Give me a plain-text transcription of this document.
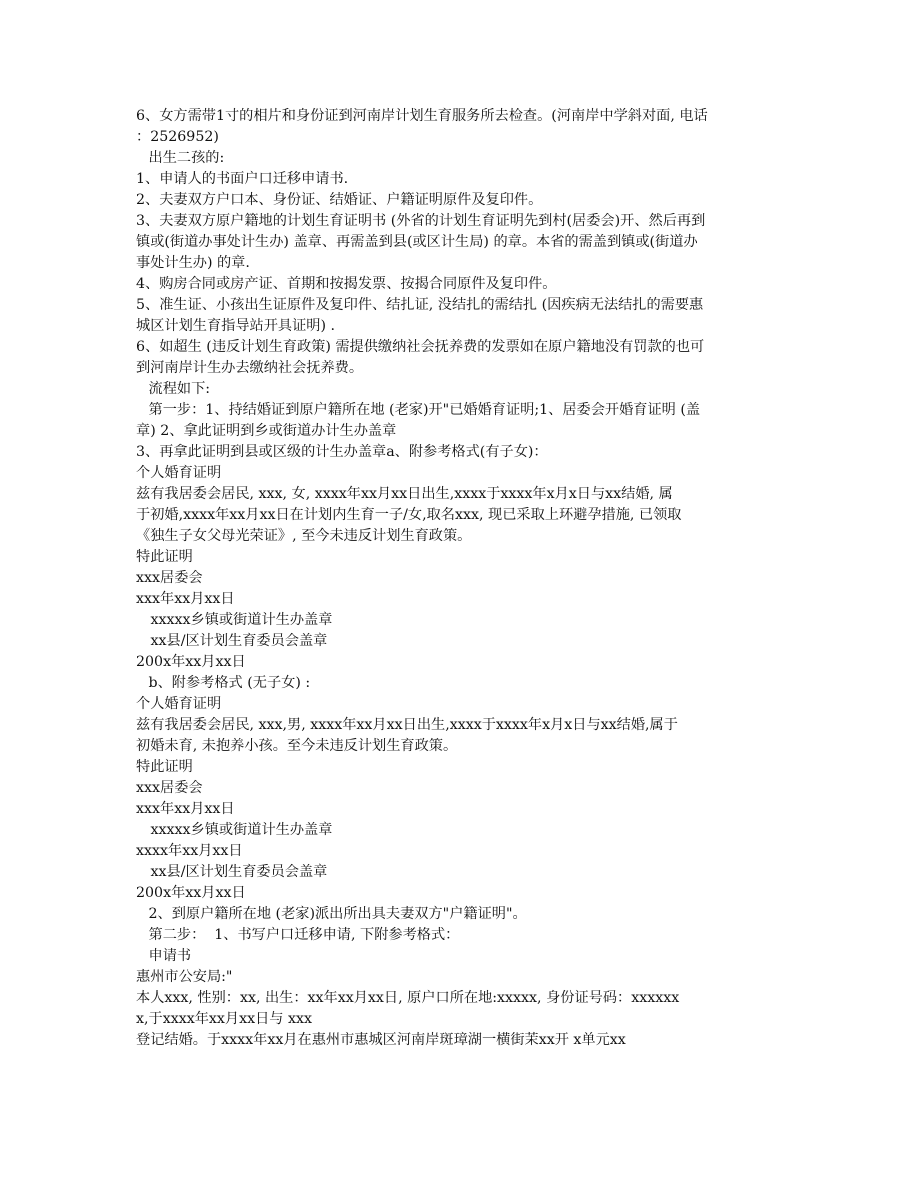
6、女方需带1寸的相片和身份证到河南岸计划生育服务所去检查。(河南岸中学斜对面, 电话
：2526952)
出生二孩的:
1、申请人的书面户口迁移申请书.
2、夫妻双方户口本、身份证、结婚证、户籍证明原件及复印件。
3、夫妻双方原户籍地的计划生育证明书 (外省的计划生育证明先到村(居委会)开、然后再到
镇或(街道办事处计生办) 盖章、再需盖到县(或区计生局) 的章。本省的需盖到镇或(街道办
事处计生办) 的章.
4、购房合同或房产证、首期和按揭发票、按揭合同原件及复印件。
5、准生证、小孩出生证原件及复印件、结扎证, 没结扎的需结扎 (因疾病无法结扎的需要惠
城区计划生育指导站开具证明) .
6、如超生 (违反计划生育政策) 需提供缴纳社会抚养费的发票如在原户籍地没有罚款的也可
到河南岸计生办去缴纳社会抚养费。
流程如下:
第一步：1、持结婚证到原户籍所在地 (老家)开"已婚婚育证明;1、居委会开婚育证明 (盖
章) 2、拿此证明到乡或街道办计生办盖章
3、再拿此证明到县或区级的计生办盖章a、附参考格式(有子女)：
个人婚育证明
兹有我居委会居民, xxx, 女, xxxx年xx月xx日出生,xxxx于xxxx年x月x日与xx结婚, 属
于初婚,xxxx年xx月xx日在计划内生育一子/女,取名xxx, 现已采取上环避孕措施, 已领取
《独生子女父母光荣证》, 至今未违反计划生育政策。
特此证明
xxx居委会
xxx年xx月xx日
xxxxx乡镇或街道计生办盖章
xx县/区计划生育委员会盖章
200x年xx月xx日
b、附参考格式 (无子女) :
个人婚育证明
兹有我居委会居民, xxx,男, xxxx年xx月xx日出生,xxxx于xxxx年x月x日与xx结婚,属于
初婚未育, 未抱养小孩。至今未违反计划生育政策。
特此证明
xxx居委会
xxx年xx月xx日
xxxxx乡镇或街道计生办盖章
xxxx年xx月xx日
xx县/区计划生育委员会盖章
200x年xx月xx日
2、到原户籍所在地 (老家)派出所出具夫妻双方"户籍证明"。
第二步：  1、书写户口迁移申请, 下附参考格式：
申请书
惠州市公安局:"
本人xxx, 性别：xx, 出生：xx年xx月xx日, 原户口所在地:xxxxx, 身份证号码：xxxxxx
x,于xxxx年xx月xx日与 xxx
登记结婚。于xxxx年xx月在惠州市惠城区河南岸斑璋湖一横街茉xx开 x单元xx
